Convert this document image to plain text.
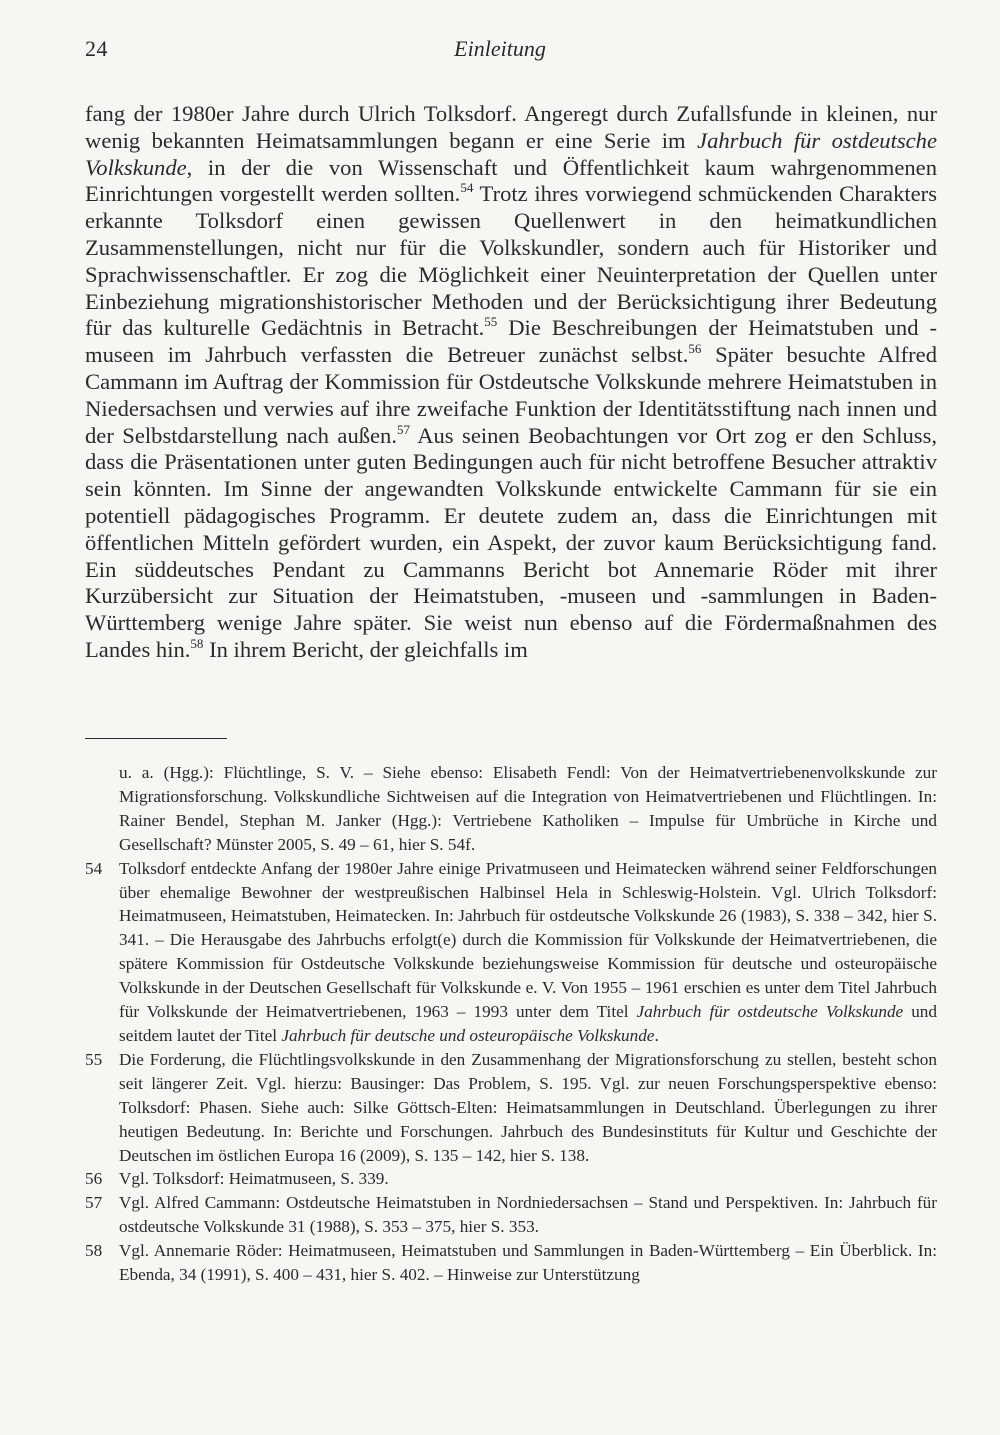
24	Einleitung

fang der 1980er Jahre durch Ulrich Tolksdorf. Angeregt durch Zufallsfunde in kleinen, nur wenig bekannten Heimatsammlungen begann er eine Serie im Jahrbuch für ostdeutsche Volkskunde, in der die von Wissenschaft und Öffentlichkeit kaum wahrgenommenen Einrichtungen vorgestellt werden sollten.$^{54}$ Trotz ihres vorwiegend schmückenden Charakters erkannte Tolksdorf einen gewissen Quellenwert in den heimatkundlichen Zusammenstellungen, nicht nur für die Volkskundler, sondern auch für Historiker und Sprachwissenschaftler. Er zog die Möglichkeit einer Neuinterpretation der Quellen unter Einbeziehung migrationshistorischer Methoden und der Berücksichtigung ihrer Bedeutung für das kulturelle Gedächtnis in Betracht.$^{55}$ Die Beschreibungen der Heimatstuben und -museen im Jahrbuch verfassten die Betreuer zunächst selbst.$^{56}$ Später besuchte Alfred Cammann im Auftrag der Kommission für Ostdeutsche Volkskunde mehrere Heimatstuben in Niedersachsen und verwies auf ihre zweifache Funktion der Identitätsstiftung nach innen und der Selbstdarstellung nach außen.$^{57}$ Aus seinen Beobachtungen vor Ort zog er den Schluss, dass die Präsentationen unter guten Bedingungen auch für nicht betroffene Besucher attraktiv sein könnten. Im Sinne der angewandten Volkskunde entwickelte Cammann für sie ein potentiell pädagogisches Programm. Er deutete zudem an, dass die Einrichtungen mit öffentlichen Mitteln gefördert wurden, ein Aspekt, der zuvor kaum Berücksichtigung fand. Ein süddeutsches Pendant zu Cammanns Bericht bot Annemarie Röder mit ihrer Kurzübersicht zur Situation der Heimatstuben, -museen und -sammlungen in Baden-Württemberg wenige Jahre später. Sie weist nun ebenso auf die Fördermaßnahmen des Landes hin.$^{58}$ In ihrem Bericht, der gleichfalls im

u. a. (Hgg.): Flüchtlinge, S. V. – Siehe ebenso: Elisabeth Fendl: Von der Heimatvertriebenenvolkskunde zur Migrationsforschung. Volkskundliche Sichtweisen auf die Integration von Heimatvertriebenen und Flüchtlingen. In: Rainer Bendel, Stephan M. Janker (Hgg.): Vertriebene Katholiken – Impulse für Umbrüche in Kirche und Gesellschaft? Münster 2005, S. 49 – 61, hier S. 54f.

54 Tolksdorf entdeckte Anfang der 1980er Jahre einige Privatmuseen und Heimatecken während seiner Feldforschungen über ehemalige Bewohner der westpreußischen Halbinsel Hela in Schleswig-Holstein. Vgl. Ulrich Tolksdorf: Heimatmuseen, Heimatstuben, Heimatecken. In: Jahrbuch für ostdeutsche Volkskunde 26 (1983), S. 338 – 342, hier S. 341. – Die Herausgabe des Jahrbuchs erfolgt(e) durch die Kommission für Volkskunde der Heimatvertriebenen, die spätere Kommission für Ostdeutsche Volkskunde beziehungsweise Kommission für deutsche und osteuropäische Volkskunde in der Deutschen Gesellschaft für Volkskunde e. V. Von 1955 – 1961 erschien es unter dem Titel Jahrbuch für Volkskunde der Heimatvertriebenen, 1963 – 1993 unter dem Titel Jahrbuch für ostdeutsche Volkskunde und seitdem lautet der Titel Jahrbuch für deutsche und osteuropäische Volkskunde.

55 Die Forderung, die Flüchtlingsvolkskunde in den Zusammenhang der Migrationsforschung zu stellen, besteht schon seit längerer Zeit. Vgl. hierzu: Bausinger: Das Problem, S. 195. Vgl. zur neuen Forschungsperspektive ebenso: Tolksdorf: Phasen. Siehe auch: Silke Göttsch-Elten: Heimatsammlungen in Deutschland. Überlegungen zu ihrer heutigen Bedeutung. In: Berichte und Forschungen. Jahrbuch des Bundesinstituts für Kultur und Geschichte der Deutschen im östlichen Europa 16 (2009), S. 135 – 142, hier S. 138.

56 Vgl. Tolksdorf: Heimatmuseen, S. 339.

57 Vgl. Alfred Cammann: Ostdeutsche Heimatstuben in Nordniedersachsen – Stand und Perspektiven. In: Jahrbuch für ostdeutsche Volkskunde 31 (1988), S. 353 – 375, hier S. 353.

58 Vgl. Annemarie Röder: Heimatmuseen, Heimatstuben und Sammlungen in Baden-Württemberg – Ein Überblick. In: Ebenda, 34 (1991), S. 400 – 431, hier S. 402. – Hinweise zur Unterstützung
